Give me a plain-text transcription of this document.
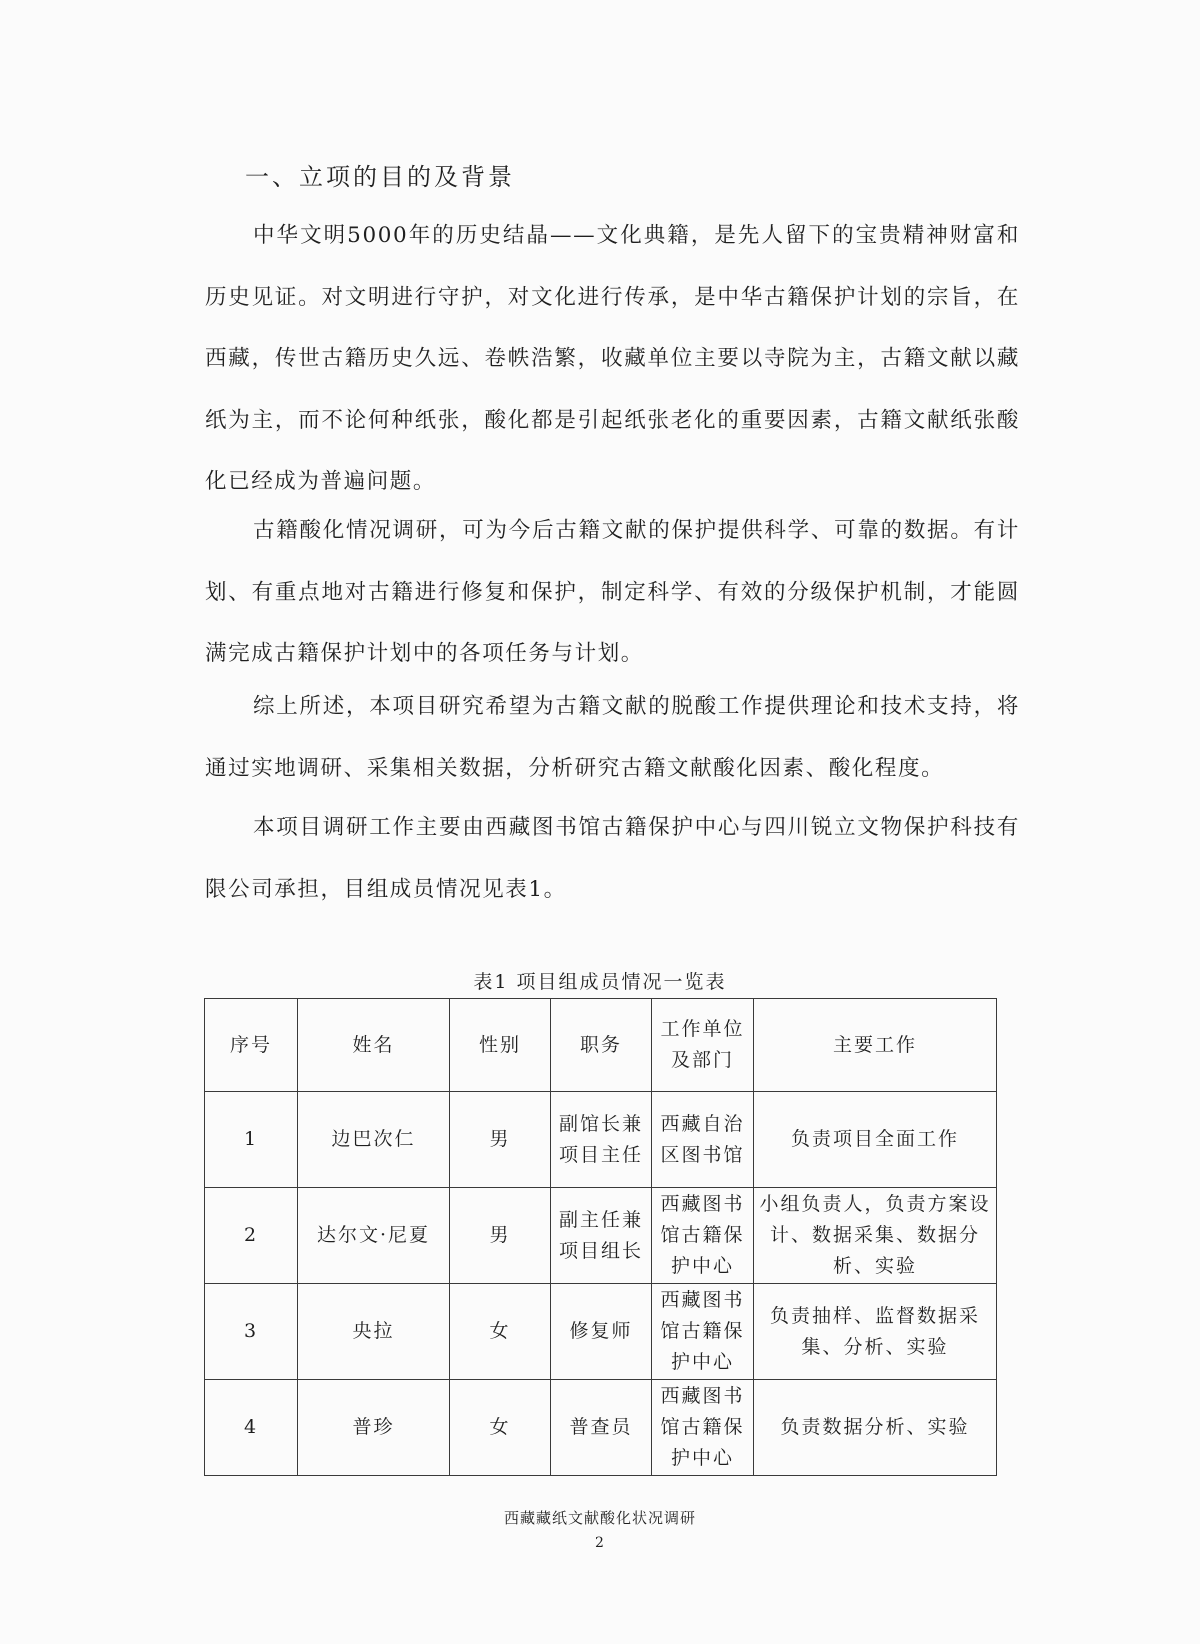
一、立项的目的及背景

中华文明5000年的历史结晶——文化典籍，是先人留下的宝贵精神财富和历史见证。对文明进行守护，对文化进行传承，是中华古籍保护计划的宗旨，在西藏，传世古籍历史久远、卷帙浩繁，收藏单位主要以寺院为主，古籍文献以藏纸为主，而不论何种纸张，酸化都是引起纸张老化的重要因素，古籍文献纸张酸化已经成为普遍问题。

古籍酸化情况调研，可为今后古籍文献的保护提供科学、可靠的数据。有计划、有重点地对古籍进行修复和保护，制定科学、有效的分级保护机制，才能圆满完成古籍保护计划中的各项任务与计划。

综上所述，本项目研究希望为古籍文献的脱酸工作提供理论和技术支持，将通过实地调研、采集相关数据，分析研究古籍文献酸化因素、酸化程度。

本项目调研工作主要由西藏图书馆古籍保护中心与四川锐立文物保护科技有限公司承担，目组成员情况见表1。

表1 项目组成员情况一览表
序号	姓名	性别	职务	工作单位及部门	主要工作
1	边巴次仁	男	副馆长兼项目主任	西藏自治区图书馆	负责项目全面工作
2	达尔文·尼夏	男	副主任兼项目组长	西藏图书馆古籍保护中心	小组负责人，负责方案设计、数据采集、数据分析、实验
3	央拉	女	修复师	西藏图书馆古籍保护中心	负责抽样、监督数据采集、分析、实验
4	普珍	女	普查员	西藏图书馆古籍保护中心	负责数据分析、实验
西藏藏纸文献酸化状况调研
2
